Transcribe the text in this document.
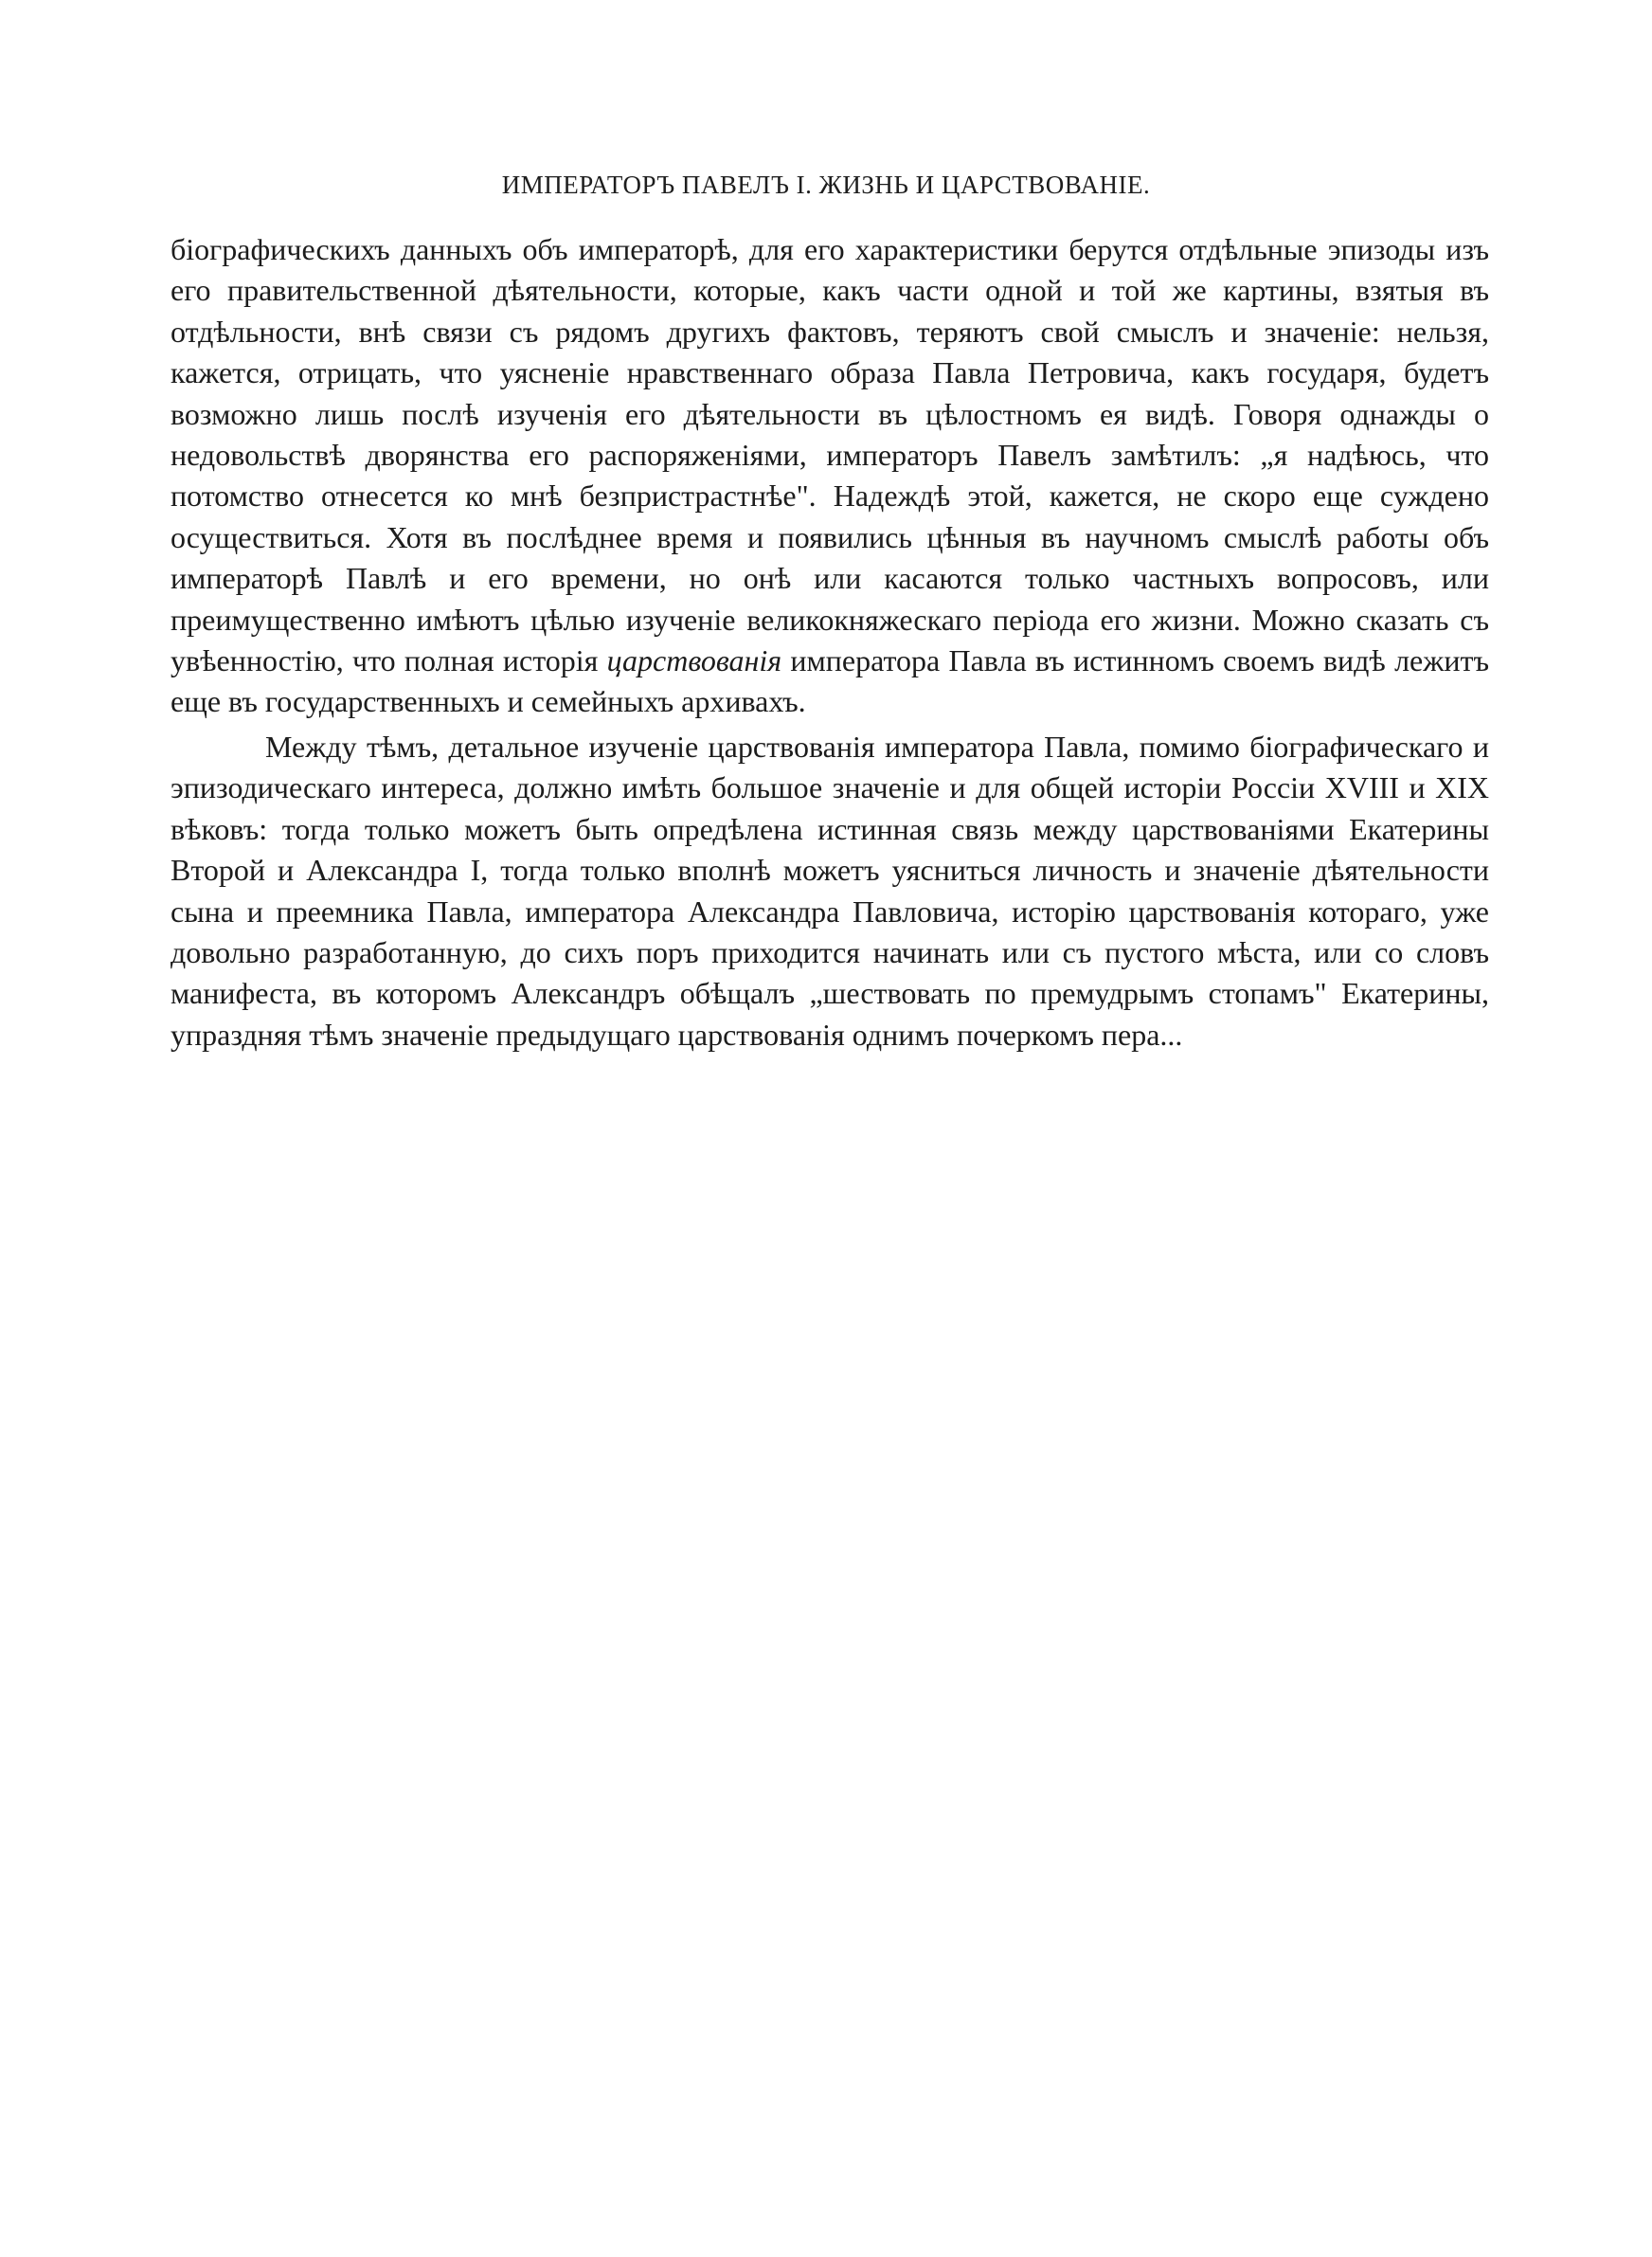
ИМПЕРАТОРЪ ПАВЕЛЪ I. ЖИЗНЬ И ЦАРСТВОВАНІЕ.

біографическихъ данныхъ объ императорѣ, для его характеристики берутся отдѣльные эпизоды изъ его правительственной дѣятельности, которые, какъ части одной и той же картины, взятыя въ отдѣльности, внѣ связи съ рядомъ другихъ фактовъ, теряютъ свой смыслъ и значеніе: нельзя, кажется, отрицать, что уясненіе нравственнаго образа Павла Петровича, какъ государя, будетъ возможно лишь послѣ изученія его дѣятельности въ цѣлостномъ ея видѣ. Говоря однажды о недовольствѣ дворянства его распоряженіями, императоръ Павелъ замѣтилъ: „я надѣюсь, что потомство отнесется ко мнѣ безпристрастнѣе". Надеждѣ этой, кажется, не скоро еще суждено осуществиться. Хотя въ послѣднее время и появились цѣнныя въ научномъ смыслѣ работы объ императорѣ Павлѣ и его времени, но онѣ или касаются только частныхъ вопросовъ, или преимущественно имѣютъ цѣлью изученіе великокняжескаго періода его жизни. Можно сказать съ увѣенностію, что полная исторія царствованія императора Павла въ истинномъ своемъ видѣ лежитъ еще въ государственныхъ и семейныхъ архивахъ.

Между тѣмъ, детальное изученіе царствованія императора Павла, помимо біографическаго и эпизодическаго интереса, должно имѣть большое значеніе и для общей исторіи Россіи XVIII и XIX вѣковъ: тогда только можетъ быть опредѣлена истинная связь между царствованіями Екатерины Второй и Александра I, тогда только вполнѣ можетъ уясниться личность и значеніе дѣятельности сына и преемника Павла, императора Александра Павловича, исторію царствованія котораго, уже довольно разработанную, до сихъ поръ приходится начинать или съ пустого мѣста, или со словъ манифеста, въ которомъ Александръ обѣщалъ „шествовать по премудрымъ стопамъ" Екатерины, упраздняя тѣмъ значеніе предыдущаго царствованія однимъ почеркомъ пера...
